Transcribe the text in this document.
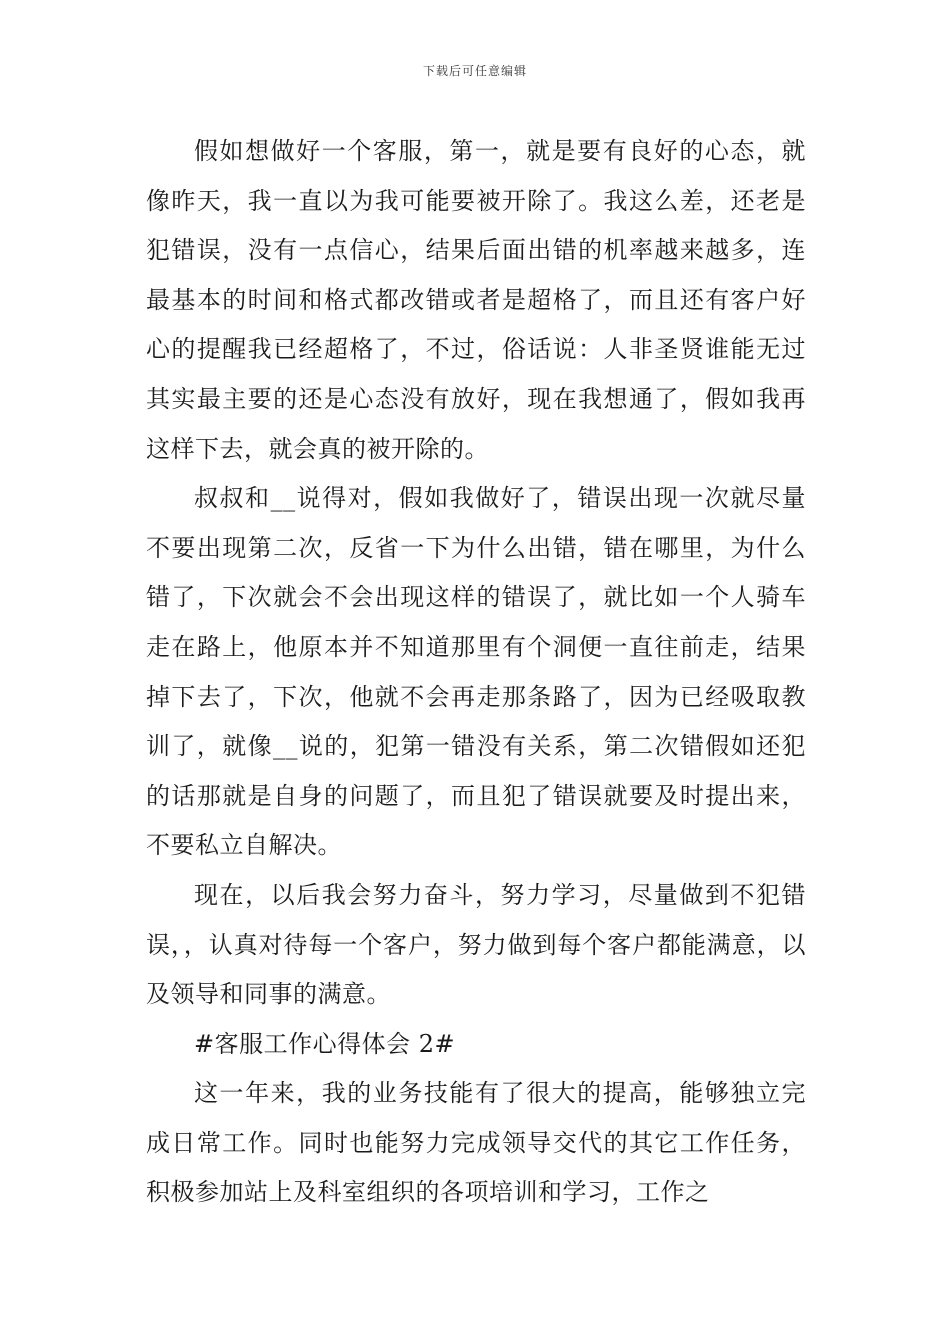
下载后可任意编辑

假如想做好一个客服，第一，就是要有良好的心态，就像昨天，我一直以为我可能要被开除了。我这么差，还老是犯错误，没有一点信心，结果后面出错的机率越来越多，连最基本的时间和格式都改错或者是超格了，而且还有客户好心的提醒我已经超格了，不过，俗话说：人非圣贤谁能无过其实最主要的还是心态没有放好，现在我想通了，假如我再这样下去，就会真的被开除的。

叔叔和__说得对，假如我做好了，错误出现一次就尽量不要出现第二次，反省一下为什么出错，错在哪里，为什么错了，下次就会不会出现这样的错误了，就比如一个人骑车走在路上，他原本并不知道那里有个洞便一直往前走，结果掉下去了，下次，他就不会再走那条路了，因为已经吸取教训了，就像__说的，犯第一错没有关系，第二次错假如还犯的话那就是自身的问题了，而且犯了错误就要及时提出来，不要私立自解决。

现在，以后我会努力奋斗，努力学习，尽量做到不犯错误，，认真对待每一个客户，努力做到每个客户都能满意，以及领导和同事的满意。

#客服工作心得体会 2#

这一年来，我的业务技能有了很大的提高，能够独立完成日常工作。同时也能努力完成领导交代的其它工作任务，积极参加站上及科室组织的各项培训和学习，工作之
